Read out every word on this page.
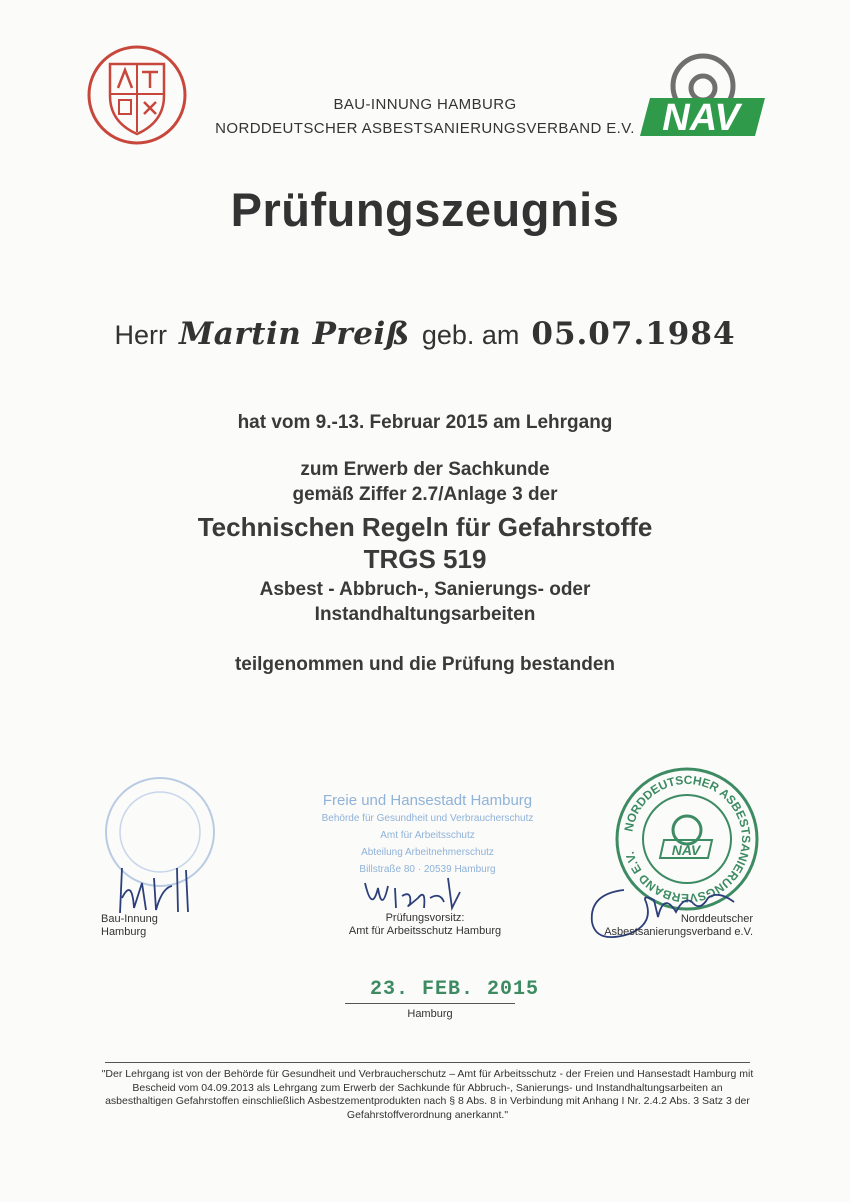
NAV
BAU-INNUNG HAMBURG
NORDDEUTSCHER ASBESTSANIERUNGSVERBAND E.V.
Prüfungszeugnis
Herr Martin Preiß geb. am 05.07.1984
hat vom 9.-13. Februar 2015 am Lehrgang
zum Erwerb der Sachkunde
gemäß Ziffer 2.7/Anlage 3 der
Technischen Regeln für Gefahrstoffe
TRGS 519
Asbest - Abbruch-, Sanierungs- oder
Instandhaltungsarbeiten
teilgenommen und die Prüfung bestanden
Freie und Hansestadt Hamburg
Behörde für Gesundheit und Verbraucherschutz
Amt für Arbeitsschutz
Abteilung Arbeitnehmerschutz
Billstraße 80 · 20539 Hamburg
NORDDEUTSCHER ASBESTSANIERUNGSVERBAND E.V.	NAV
Bau-Innung
Hamburg
Prüfungsvorsitz:
Amt für Arbeitsschutz Hamburg
Norddeutscher
Asbestsanierungsverband e.V.
23. FEB. 2015
Hamburg
"Der Lehrgang ist von der Behörde für Gesundheit und Verbraucherschutz – Amt für Arbeitsschutz - der Freien und Hansestadt Hamburg mit Bescheid vom 04.09.2013 als Lehrgang zum Erwerb der Sachkunde für Abbruch-, Sanierungs- und Instandhaltungsarbeiten an asbesthaltigen Gefahrstoffen einschließlich Asbestzementprodukten nach § 8 Abs. 8 in Verbindung mit Anhang I Nr. 2.4.2 Abs. 3 Satz 3 der Gefahrstoffverordnung anerkannt."
